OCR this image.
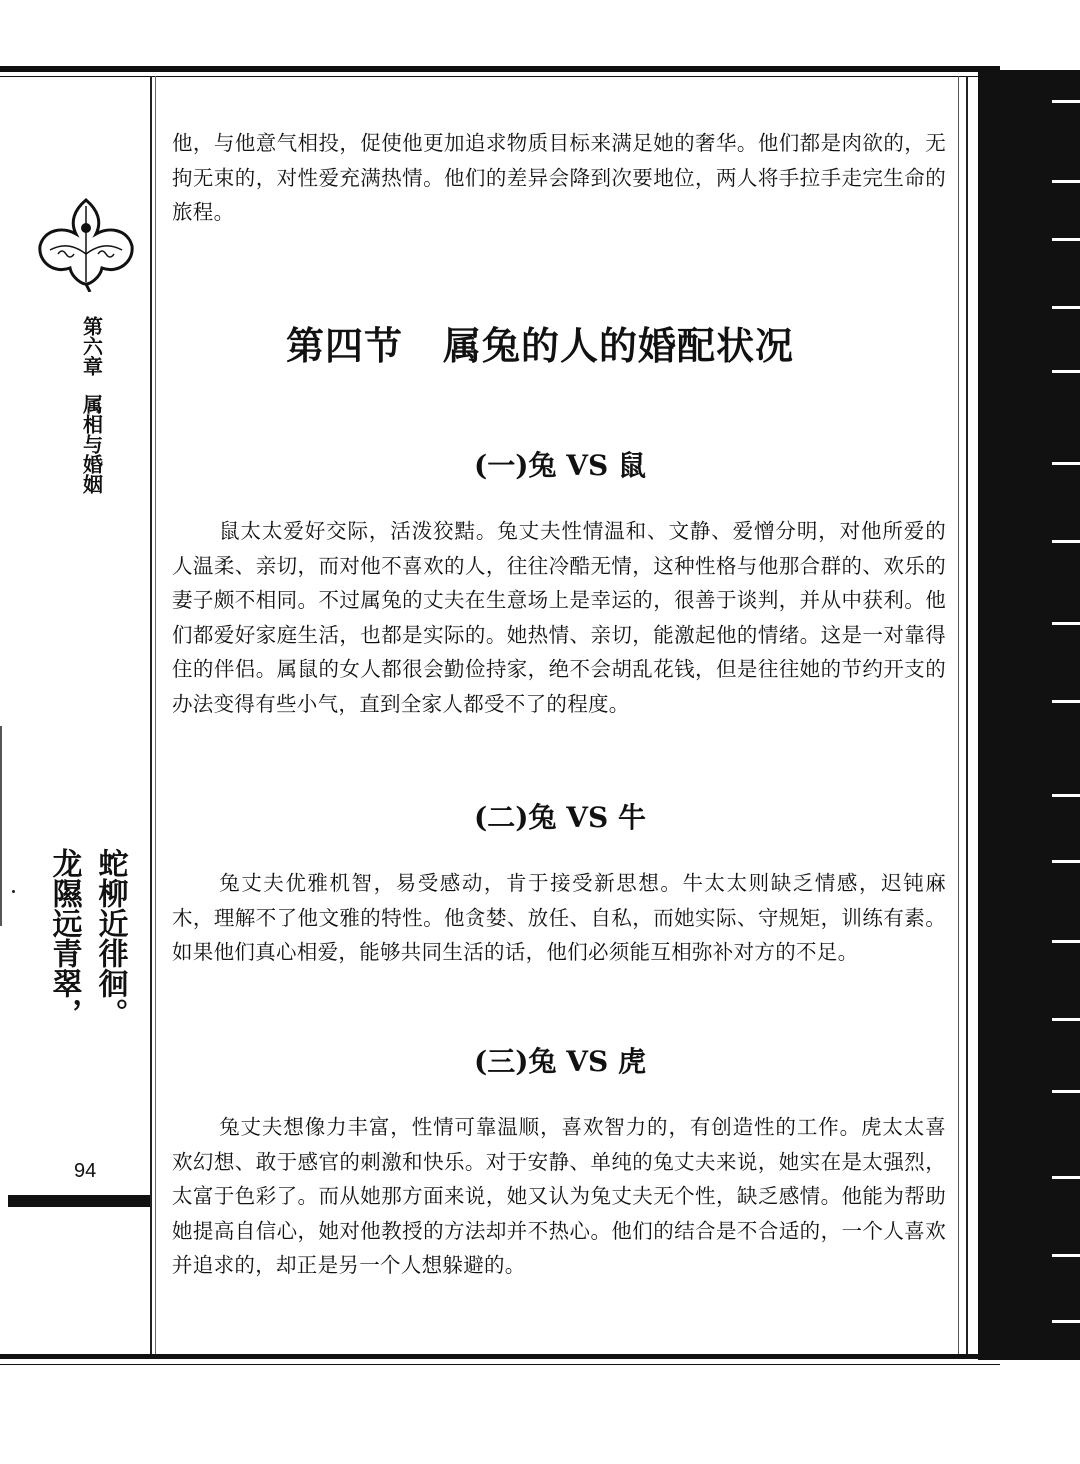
第六章
属相与婚姻
蛇柳近徘徊。
龙隰远青翠，
94

他，与他意气相投，促使他更加追求物质目标来满足她的奢华。他们都是肉欲的，无拘无束的，对性爱充满热情。他们的差异会降到次要地位，两人将手拉手走完生命的旅程。

第四节 属兔的人的婚配状况
(一)兔 VS 鼠

鼠太太爱好交际，活泼狡黠。兔丈夫性情温和、文静、爱憎分明，对他所爱的人温柔、亲切，而对他不喜欢的人，往往冷酷无情，这种性格与他那合群的、欢乐的妻子颇不相同。不过属兔的丈夫在生意场上是幸运的，很善于谈判，并从中获利。他们都爱好家庭生活，也都是实际的。她热情、亲切，能激起他的情绪。这是一对靠得住的伴侣。属鼠的女人都很会勤俭持家，绝不会胡乱花钱，但是往往她的节约开支的办法变得有些小气，直到全家人都受不了的程度。

(二)兔 VS 牛

兔丈夫优雅机智，易受感动，肯于接受新思想。牛太太则缺乏情感，迟钝麻木，理解不了他文雅的特性。他贪婪、放任、自私，而她实际、守规矩，训练有素。如果他们真心相爱，能够共同生活的话，他们必须能互相弥补对方的不足。

(三)兔 VS 虎

兔丈夫想像力丰富，性情可靠温顺，喜欢智力的，有创造性的工作。虎太太喜欢幻想、敢于感官的刺激和快乐。对于安静、单纯的兔丈夫来说，她实在是太强烈，太富于色彩了。而从她那方面来说，她又认为兔丈夫无个性，缺乏感情。他能为帮助她提高自信心，她对他教授的方法却并不热心。他们的结合是不合适的，一个人喜欢并追求的，却正是另一个人想躲避的。
